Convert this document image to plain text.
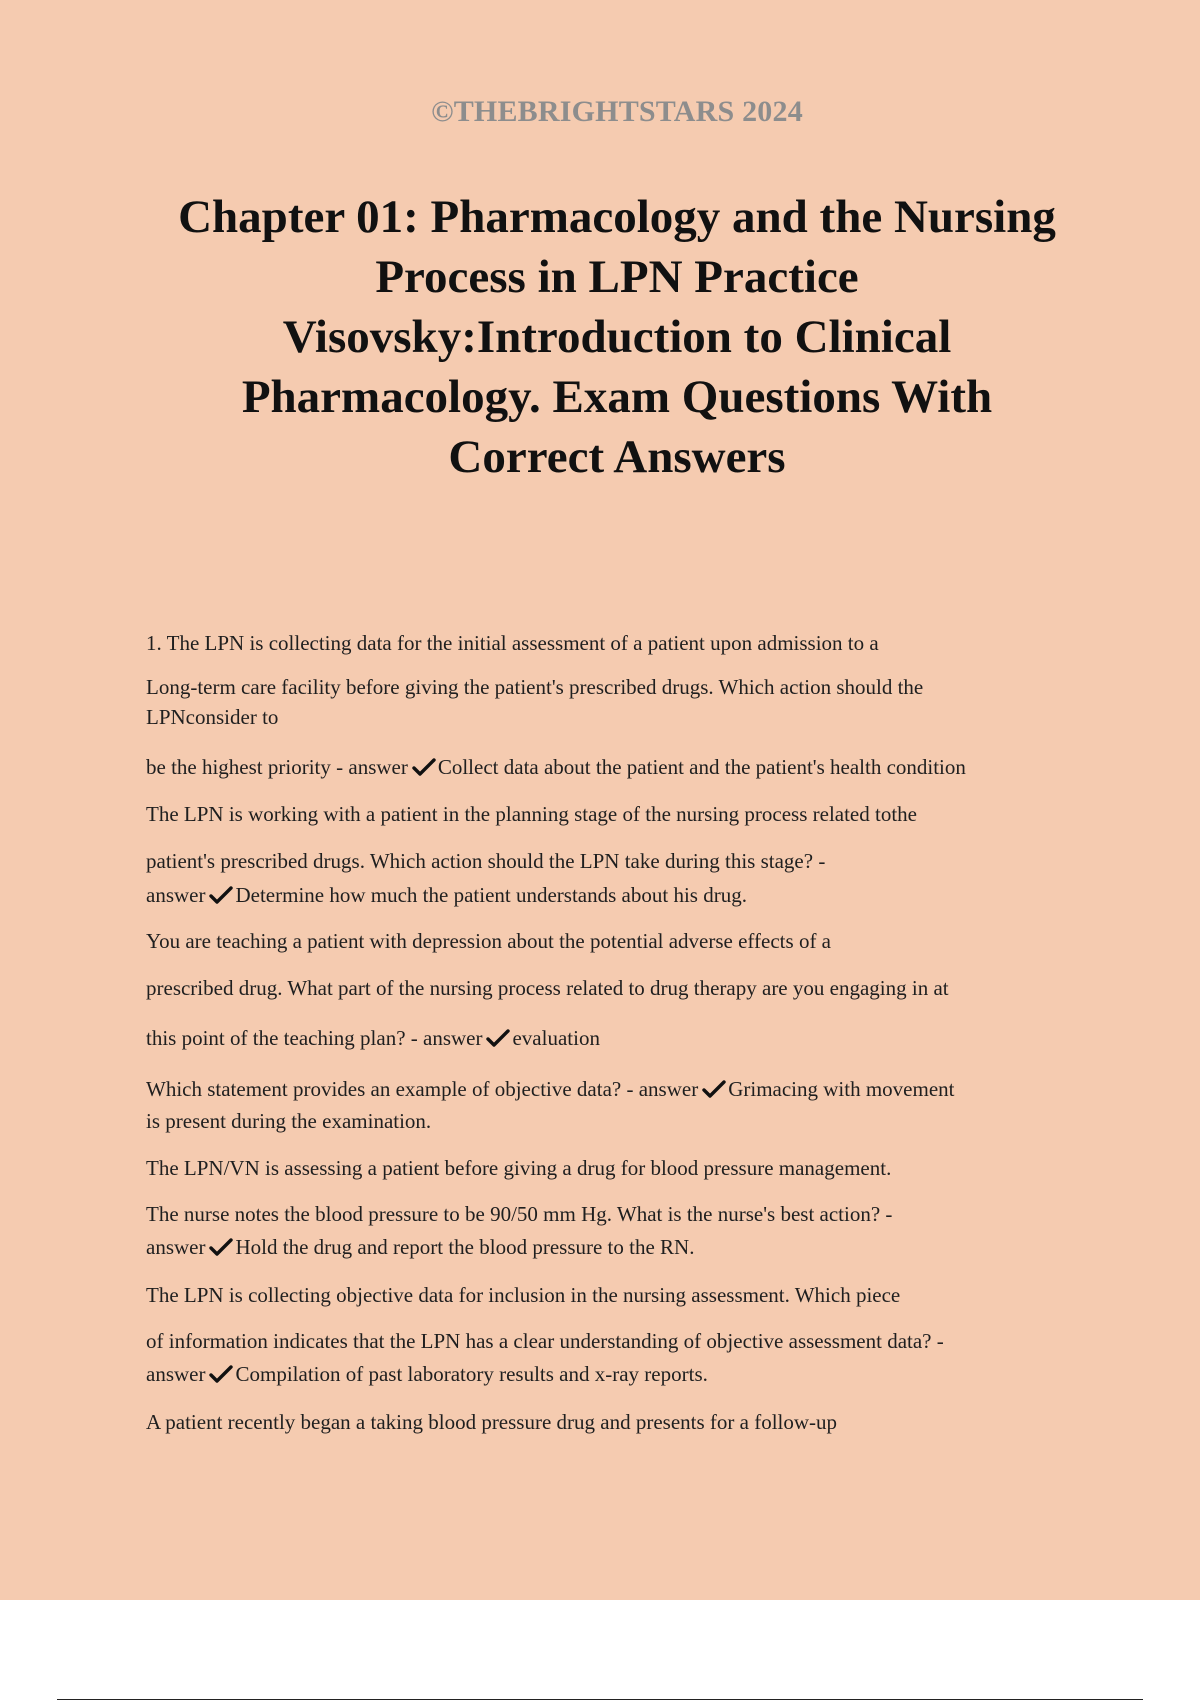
©THEBRIGHTSTARS 2024
Chapter 01: Pharmacology and the Nursing
Process in LPN Practice
Visovsky:Introduction to Clinical
Pharmacology. Exam Questions With
Correct Answers
1. The LPN is collecting data for the initial assessment of a patient upon admission to a
Long-term care facility before giving the patient's prescribed drugs. Which action should the
LPNconsider to
be the highest priority - answer Collect data about the patient and the patient's health condition
The LPN is working with a patient in the planning stage of the nursing process related tothe
patient's prescribed drugs. Which action should the LPN take during this stage? -
answer Determine how much the patient understands about his drug.
You are teaching a patient with depression about the potential adverse effects of a
prescribed drug. What part of the nursing process related to drug therapy are you engaging in at
this point of the teaching plan? - answer evaluation
Which statement provides an example of objective data? - answer Grimacing with movement
is present during the examination.
The LPN/VN is assessing a patient before giving a drug for blood pressure management.
The nurse notes the blood pressure to be 90/50 mm Hg. What is the nurse's best action? -
answer Hold the drug and report the blood pressure to the RN.
The LPN is collecting objective data for inclusion in the nursing assessment. Which piece
of information indicates that the LPN has a clear understanding of objective assessment data? -
answer Compilation of past laboratory results and x-ray reports.
A patient recently began a taking blood pressure drug and presents for a follow-up
